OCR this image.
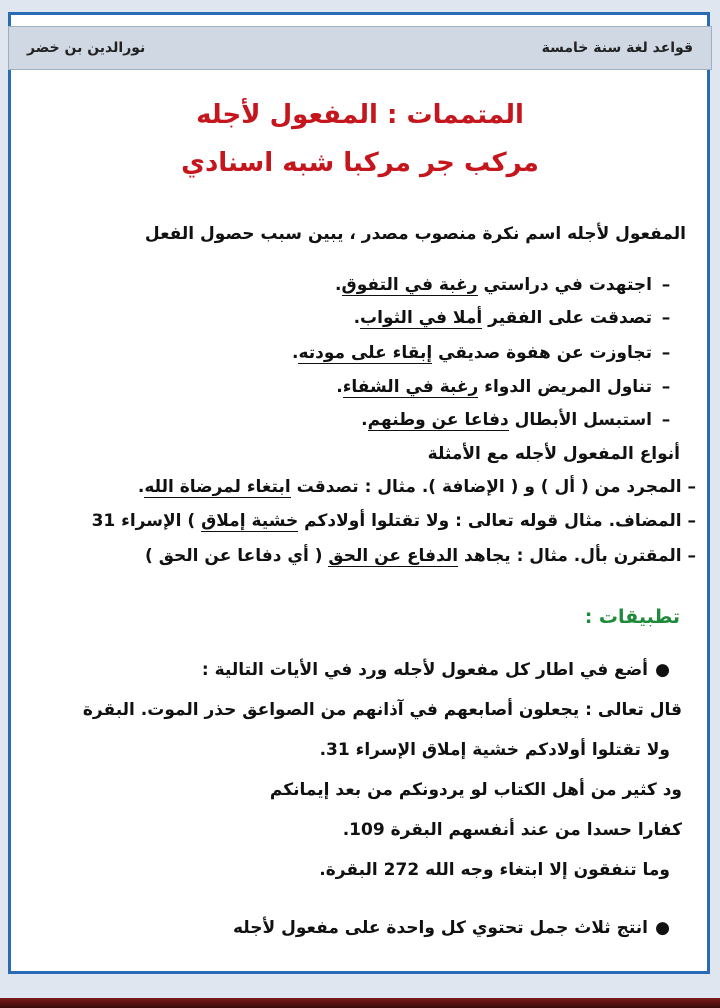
قواعد لغة سنة خامسة
نورالدين بن خضر
المتممات : المفعول لأجله
مركب جر مركبا شبه اسنادي
المفعول لأجله اسم نكرة منصوب مصدر ، يبين سبب حصول الفعل
–اجتهدت في دراستي رغبة في التفوق.
–تصدقت على الفقير أملا في الثواب.
–تجاوزت عن هفوة صديقي إبقاء على مودته.
–تناول المريض الدواء رغبة في الشفاء.
–استبسل الأبطال دفاعا عن وطنهم.
أنواع المفعول لأجله مع الأمثلة
– المجرد من ( أل ) و ( الإضافة ). مثال : تصدقت ابتغاء لمرضاة الله.
– المضاف. مثال قوله تعالى : ولا تقتلوا أولادكم خشية إملاق ) الإسراء 31
– المقترن بأل. مثال : يجاهد الدفاع عن الحق ( أي دفاعا عن الحق )
تطبيقات :
●أضع في اطار كل مفعول لأجله ورد في الأيات التالية :
قال تعالى : يجعلون أصابعهم في آذانهم من الصواعق حذر الموت. البقرة
ولا تقتلوا أولادكم خشية إملاق الإسراء 31.
ود كثير من أهل الكتاب لو يردونكم من بعد إيمانكم
كفارا حسدا من عند أنفسهم البقرة 109.
وما تنفقون إلا ابتغاء وجه الله 272 البقرة.
●انتج ثلاث جمل تحتوي كل واحدة على مفعول لأجله
